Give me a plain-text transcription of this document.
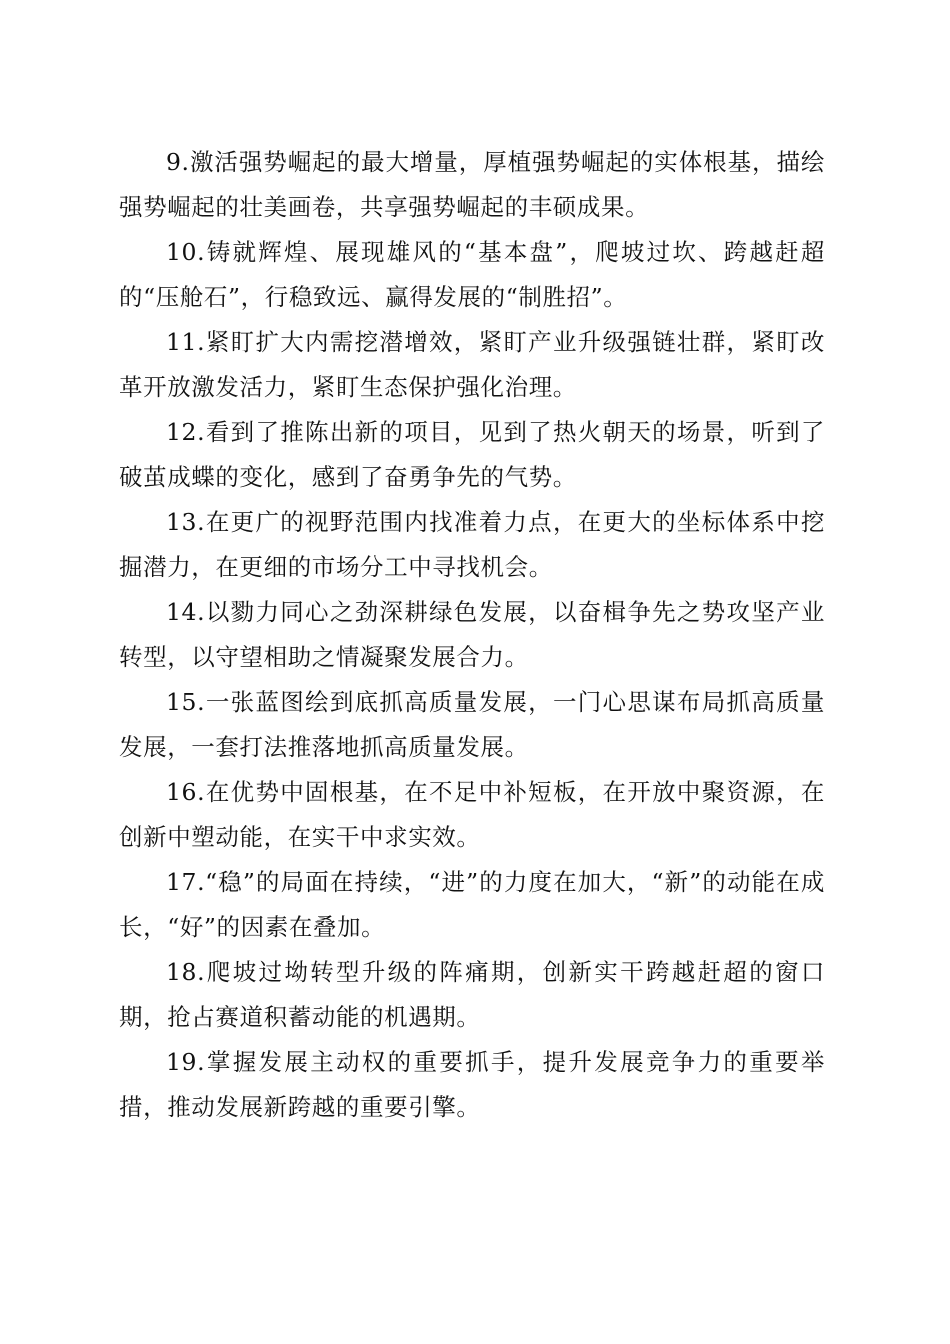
9.激活强势崛起的最大增量，厚植强势崛起的实体根基，描绘强势崛起的壮美画卷，共享强势崛起的丰硕成果。

10.铸就辉煌、展现雄风的“基本盘”，爬坡过坎、跨越赶超的“压舱石”，行稳致远、赢得发展的“制胜招”。

11.紧盯扩大内需挖潜增效，紧盯产业升级强链壮群，紧盯改革开放激发活力，紧盯生态保护强化治理。

12.看到了推陈出新的项目，见到了热火朝天的场景，听到了破茧成蝶的变化，感到了奋勇争先的气势。

13.在更广的视野范围内找准着力点，在更大的坐标体系中挖掘潜力，在更细的市场分工中寻找机会。

14.以勠力同心之劲深耕绿色发展，以奋楫争先之势攻坚产业转型，以守望相助之情凝聚发展合力。

15.一张蓝图绘到底抓高质量发展，一门心思谋布局抓高质量发展，一套打法推落地抓高质量发展。

16.在优势中固根基，在不足中补短板，在开放中聚资源，在创新中塑动能，在实干中求实效。

17.“稳”的局面在持续，“进”的力度在加大，“新”的动能在成长，“好”的因素在叠加。

18.爬坡过坳转型升级的阵痛期，创新实干跨越赶超的窗口期，抢占赛道积蓄动能的机遇期。

19.掌握发展主动权的重要抓手，提升发展竞争力的重要举措，推动发展新跨越的重要引擎。
